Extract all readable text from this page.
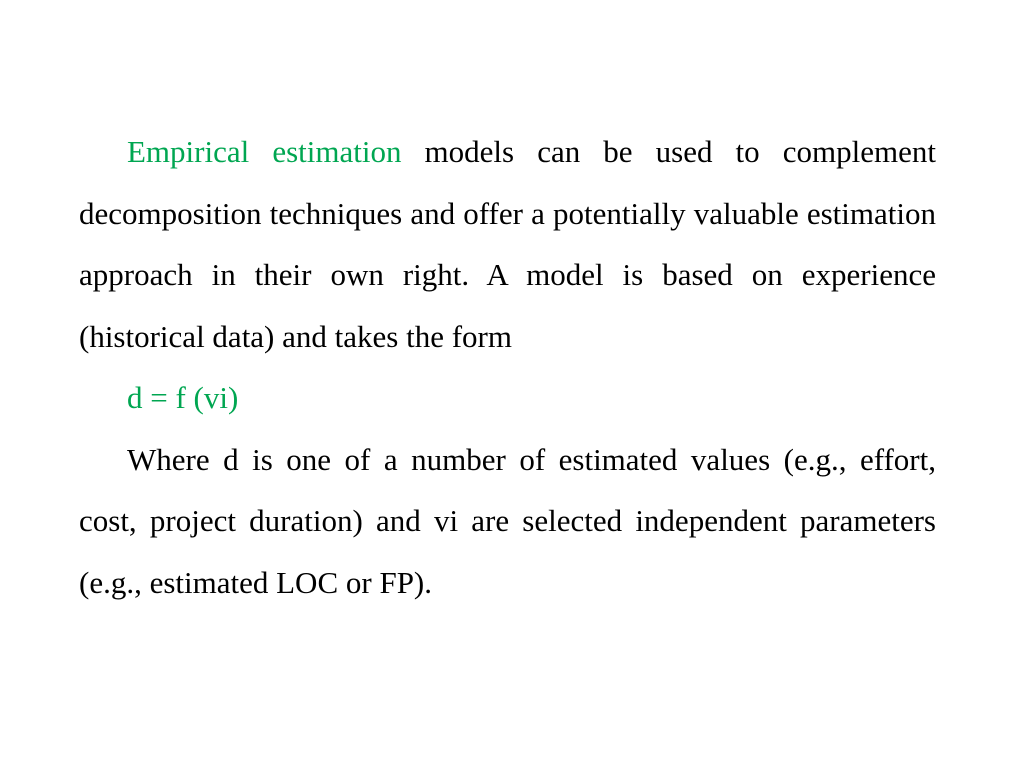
Empirical estimation models can be used to complement decomposition techniques and offer a potentially valuable estimation approach in their own right. A model is based on experience (historical data) and takes the form

d = f (vi)

Where d is one of a number of estimated values (e.g., effort, cost, project duration) and vi are selected independent parameters (e.g., estimated LOC or FP).
